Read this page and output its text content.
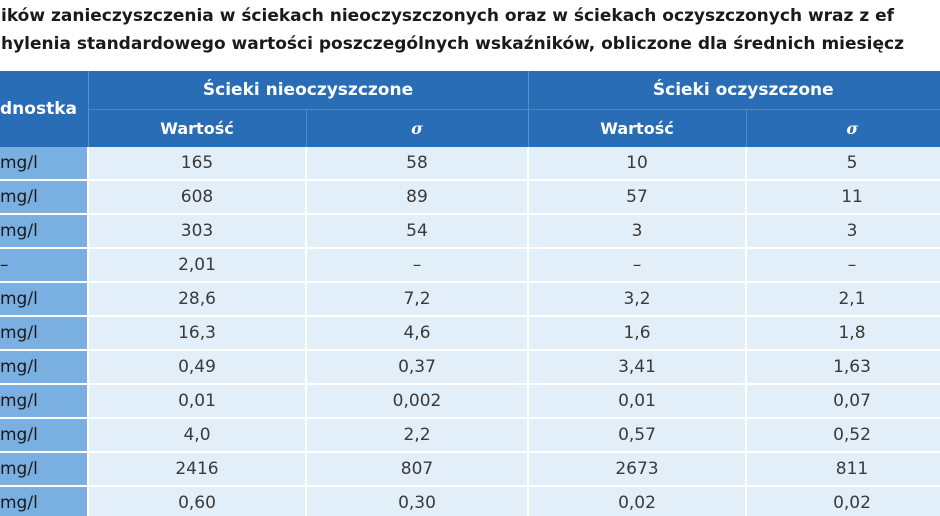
ików zanieczyszczenia w ściekach nieoczyszczonych oraz w ściekach oczyszczonych wraz z ef
hylenia standardowego wartości poszczególnych wskaźników, obliczone dla średnich miesięcz
dnostka	Ścieki nieoczyszczone		Ścieki oczyszczone	
	Wartość	σ	Wartość	σ
mg/l	165	58	10	5
mg/l	608	89	57	11
mg/l	303	54	3	3
–	2,01	–	–	–
mg/l	28,6	7,2	3,2	2,1
mg/l	16,3	4,6	1,6	1,8
mg/l	0,49	0,37	3,41	1,63
mg/l	0,01	0,002	0,01	0,07
mg/l	4,0	2,2	0,57	0,52
mg/l	2416	807	2673	811
mg/l	0,60	0,30	0,02	0,02
